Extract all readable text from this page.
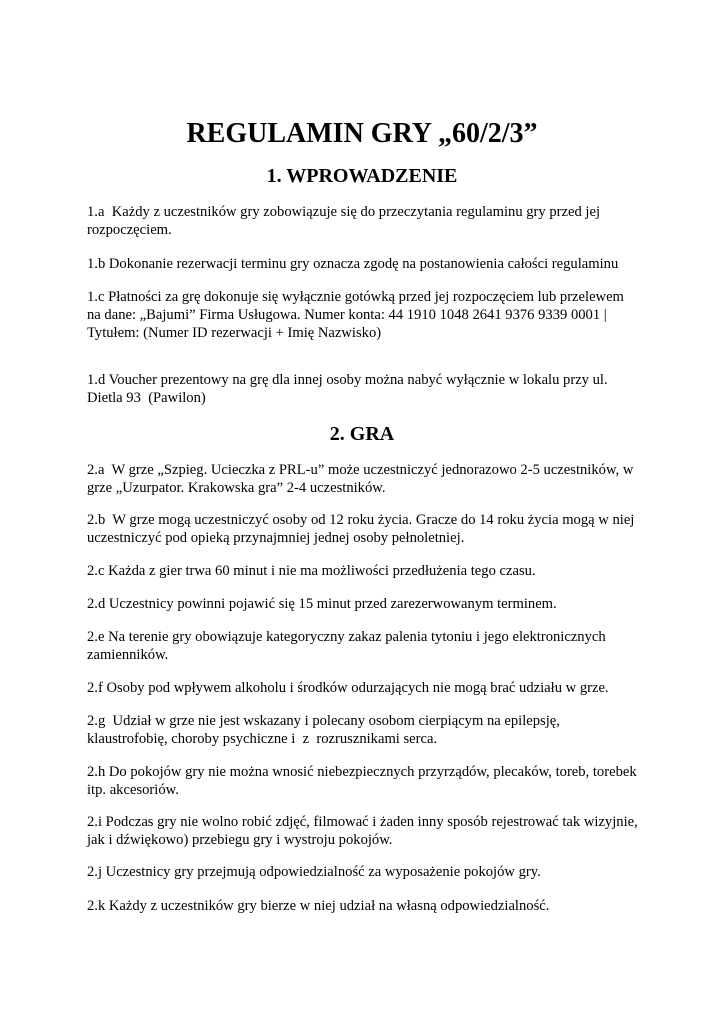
REGULAMIN GRY „60/2/3”
1. WPROWADZENIE

1.a  Każdy z uczestników gry zobowiązuje się do przeczytania regulaminu gry przed jej
rozpoczęciem.

1.b Dokonanie rezerwacji terminu gry oznacza zgodę na postanowienia całości regulaminu

1.c Płatności za grę dokonuje się wyłącznie gotówką przed jej rozpoczęciem lub przelewem
na dane: „Bajumi” Firma Usługowa. Numer konta: 44 1910 1048 2641 9376 9339 0001 |
Tytułem: (Numer ID rezerwacji + Imię Nazwisko)

1.d Voucher prezentowy na grę dla innej osoby można nabyć wyłącznie w lokalu przy ul.
Dietla 93  (Pawilon)

2. GRA

2.a  W grze „Szpieg. Ucieczka z PRL-u” może uczestniczyć jednorazowo 2-5 uczestników, w
grze „Uzurpator. Krakowska gra” 2-4 uczestników.

2.b  W grze mogą uczestniczyć osoby od 12 roku życia. Gracze do 14 roku życia mogą w niej
uczestniczyć pod opieką przynajmniej jednej osoby pełnoletniej.

2.c Każda z gier trwa 60 minut i nie ma możliwości przedłużenia tego czasu.

2.d Uczestnicy powinni pojawić się 15 minut przed zarezerwowanym terminem.

2.e Na terenie gry obowiązuje kategoryczny zakaz palenia tytoniu i jego elektronicznych
zamienników.

2.f Osoby pod wpływem alkoholu i środków odurzających nie mogą brać udziału w grze.

2.g  Udział w grze nie jest wskazany i polecany osobom cierpiącym na epilepsję,
klaustrofobię, choroby psychiczne i  z  rozrusznikami serca.

2.h Do pokojów gry nie można wnosić niebezpiecznych przyrządów, plecaków, toreb, torebek
itp. akcesoriów.

2.i Podczas gry nie wolno robić zdjęć, filmować i żaden inny sposób rejestrować tak wizyjnie,
jak i dźwiękowo) przebiegu gry i wystroju pokojów.

2.j Uczestnicy gry przejmują odpowiedzialność za wyposażenie pokojów gry.

2.k Każdy z uczestników gry bierze w niej udział na własną odpowiedzialność.
